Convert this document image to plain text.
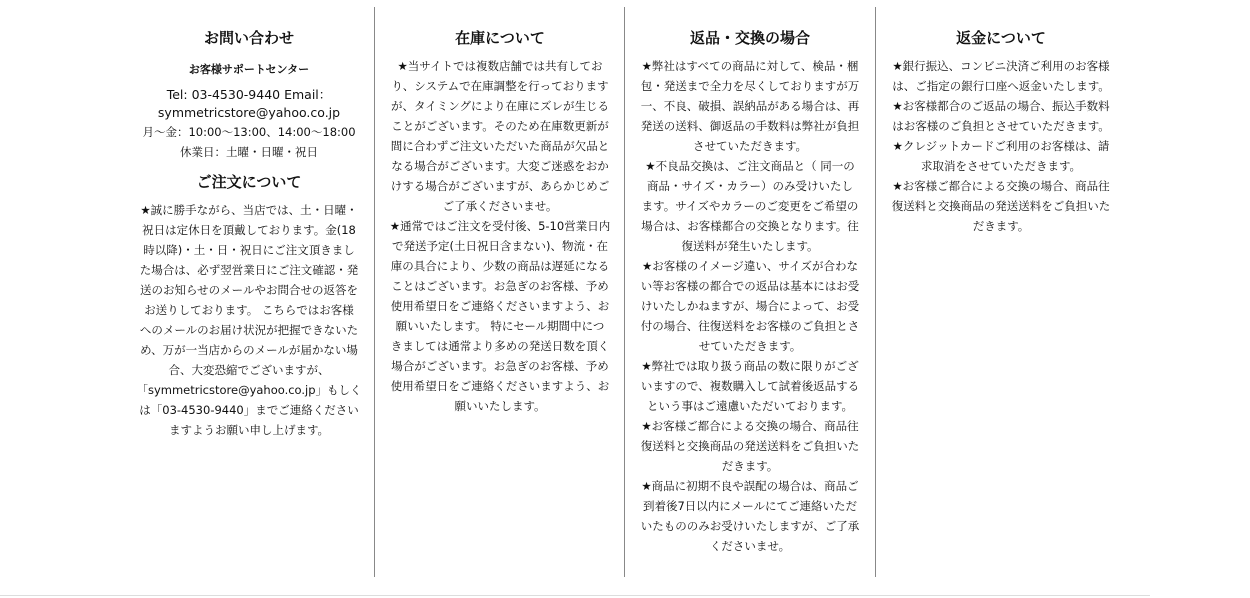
お問い合わせ

お客様サポートセンター

Tel: 03-4530-9440 Email：
symmetricstore@yahoo.co.jp

月〜金：10:00〜13:00、14:00〜18:00
休業日：土曜・日曜・祝日

ご注文について

★誠に勝手ながら、当店では、土・日曜・
祝日は定休日を頂戴しております。金(18
時以降)・土・日・祝日にご注文頂きまし
た場合は、必ず翌営業日にご注文確認・発
送のお知らせのメールやお問合せの返答を
お送りしております。 こちらではお客様
へのメールのお届け状況が把握できないた
め、万が一当店からのメールが届かない場
合、大変恐縮でございますが、
「symmetricstore@yahoo.co.jp」もしく
は「03-4530-9440」までご連絡ください
ますようお願い申し上げます。

在庫について

★当サイトでは複数店舗では共有してお
り、システムで在庫調整を行っております
が、タイミングにより在庫にズレが生じる
ことがございます。そのため在庫数更新が
間に合わずご注文いただいた商品が欠品と
なる場合がございます。大変ご迷惑をおか
けする場合がございますが、あらかじめご
ご了承くださいませ。
★通常ではご注文を受付後、5-10営業日内
で発送予定(土日祝日含まない)、物流・在
庫の具合により、少数の商品は遅延になる
ことはございます。お急ぎのお客様、予め
使用希望日をご連絡くださいますよう、お
願いいたします。 特にセール期間中につ
きましては通常より多めの発送日数を頂く
場合がございます。お急ぎのお客様、予め
使用希望日をご連絡くださいますよう、お
願いいたします。

返品・交換の場合

★弊社はすべての商品に対して、検品・梱
包・発送まで全力を尽くしておりますが万
一、不良、破損、誤納品がある場合は、再
発送の送料、御返品の手数料は弊社が負担
させていただきます。
★不良品交換は、ご注文商品と（ 同一の
商品・サイズ・カラー）のみ受けいたし
ます。サイズやカラーのご変更をご希望の
場合は、お客様都合の交換となります。往
復送料が発生いたします。
★お客様のイメージ違い、サイズが合わな
い等お客様の都合での返品は基本にはお受
けいたしかねますが、場合によって、お受
付の場合、往復送料をお客様のご負担とさ
せていただきます。
★弊社では取り扱う商品の数に限りがござ
いますので、複数購入して試着後返品する
という事はご遠慮いただいております。
★お客様ご都合による交換の場合、商品往
復送料と交換商品の発送送料をご負担いた
だきます。
★商品に初期不良や誤配の場合は、商品ご
到着後7日以内にメールにてご連絡いただ
いたもののみお受けいたしますが、ご了承
くださいませ。

返金について

★銀行振込、コンビニ決済ご利用のお客様
は、ご指定の銀行口座へ返金いたします。
★お客様都合のご返品の場合、振込手数料
はお客様のご負担とさせていただきます。
★クレジットカードご利用のお客様は、請
求取消をさせていただきます。
★お客様ご都合による交換の場合、商品往
復送料と交換商品の発送送料をご負担いた
だきます。
